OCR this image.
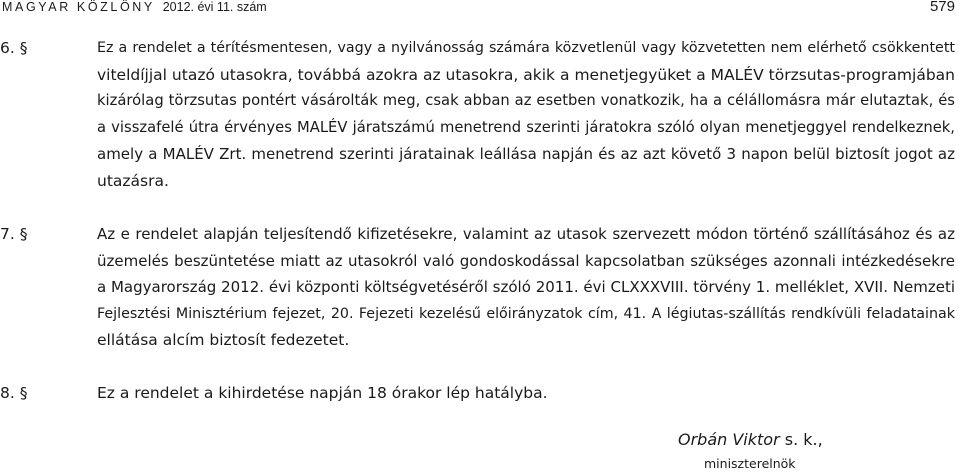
MAGYAR KÖZLÖNY 2012. évi 11. szám	579
6. §	Ez a rendelet a térítésmentesen, vagy a nyilvánosság számára közvetlenül vagy közvetetten nem elérhető csökkentett
viteldíjjal utazó utasokra, továbbá azokra az utasokra, akik a menetjegyüket a MALÉV törzsutas-programjában
kizárólag törzsutas pontért vásárolták meg, csak abban az esetben vonatkozik, ha a célállomásra már elutaztak, és
a visszafelé útra érvényes MALÉV járatszámú menetrend szerinti járatokra szóló olyan menetjeggyel rendelkeznek,
amely a MALÉV Zrt. menetrend szerinti járatainak leállása napján és az azt követő 3 napon belül biztosít jogot az
utazásra.
7. §	Az e rendelet alapján teljesítendő kifizetésekre, valamint az utasok szervezett módon történő szállításához és az
üzemelés beszüntetése miatt az utasokról való gondoskodással kapcsolatban szükséges azonnali intézkedésekre
a Magyarország 2012. évi központi költségvetéséről szóló 2011. évi CLXXXVIII. törvény 1. melléklet, XVII. Nemzeti
Fejlesztési Minisztérium fejezet, 20. Fejezeti kezelésű előirányzatok cím, 41. A légiutas-szállítás rendkívüli feladatainak
ellátása alcím biztosít fedezetet.
8. §	Ez a rendelet a kihirdetése napján 18 órakor lép hatályba.
Orbán Viktor s. k.,
miniszterelnök
